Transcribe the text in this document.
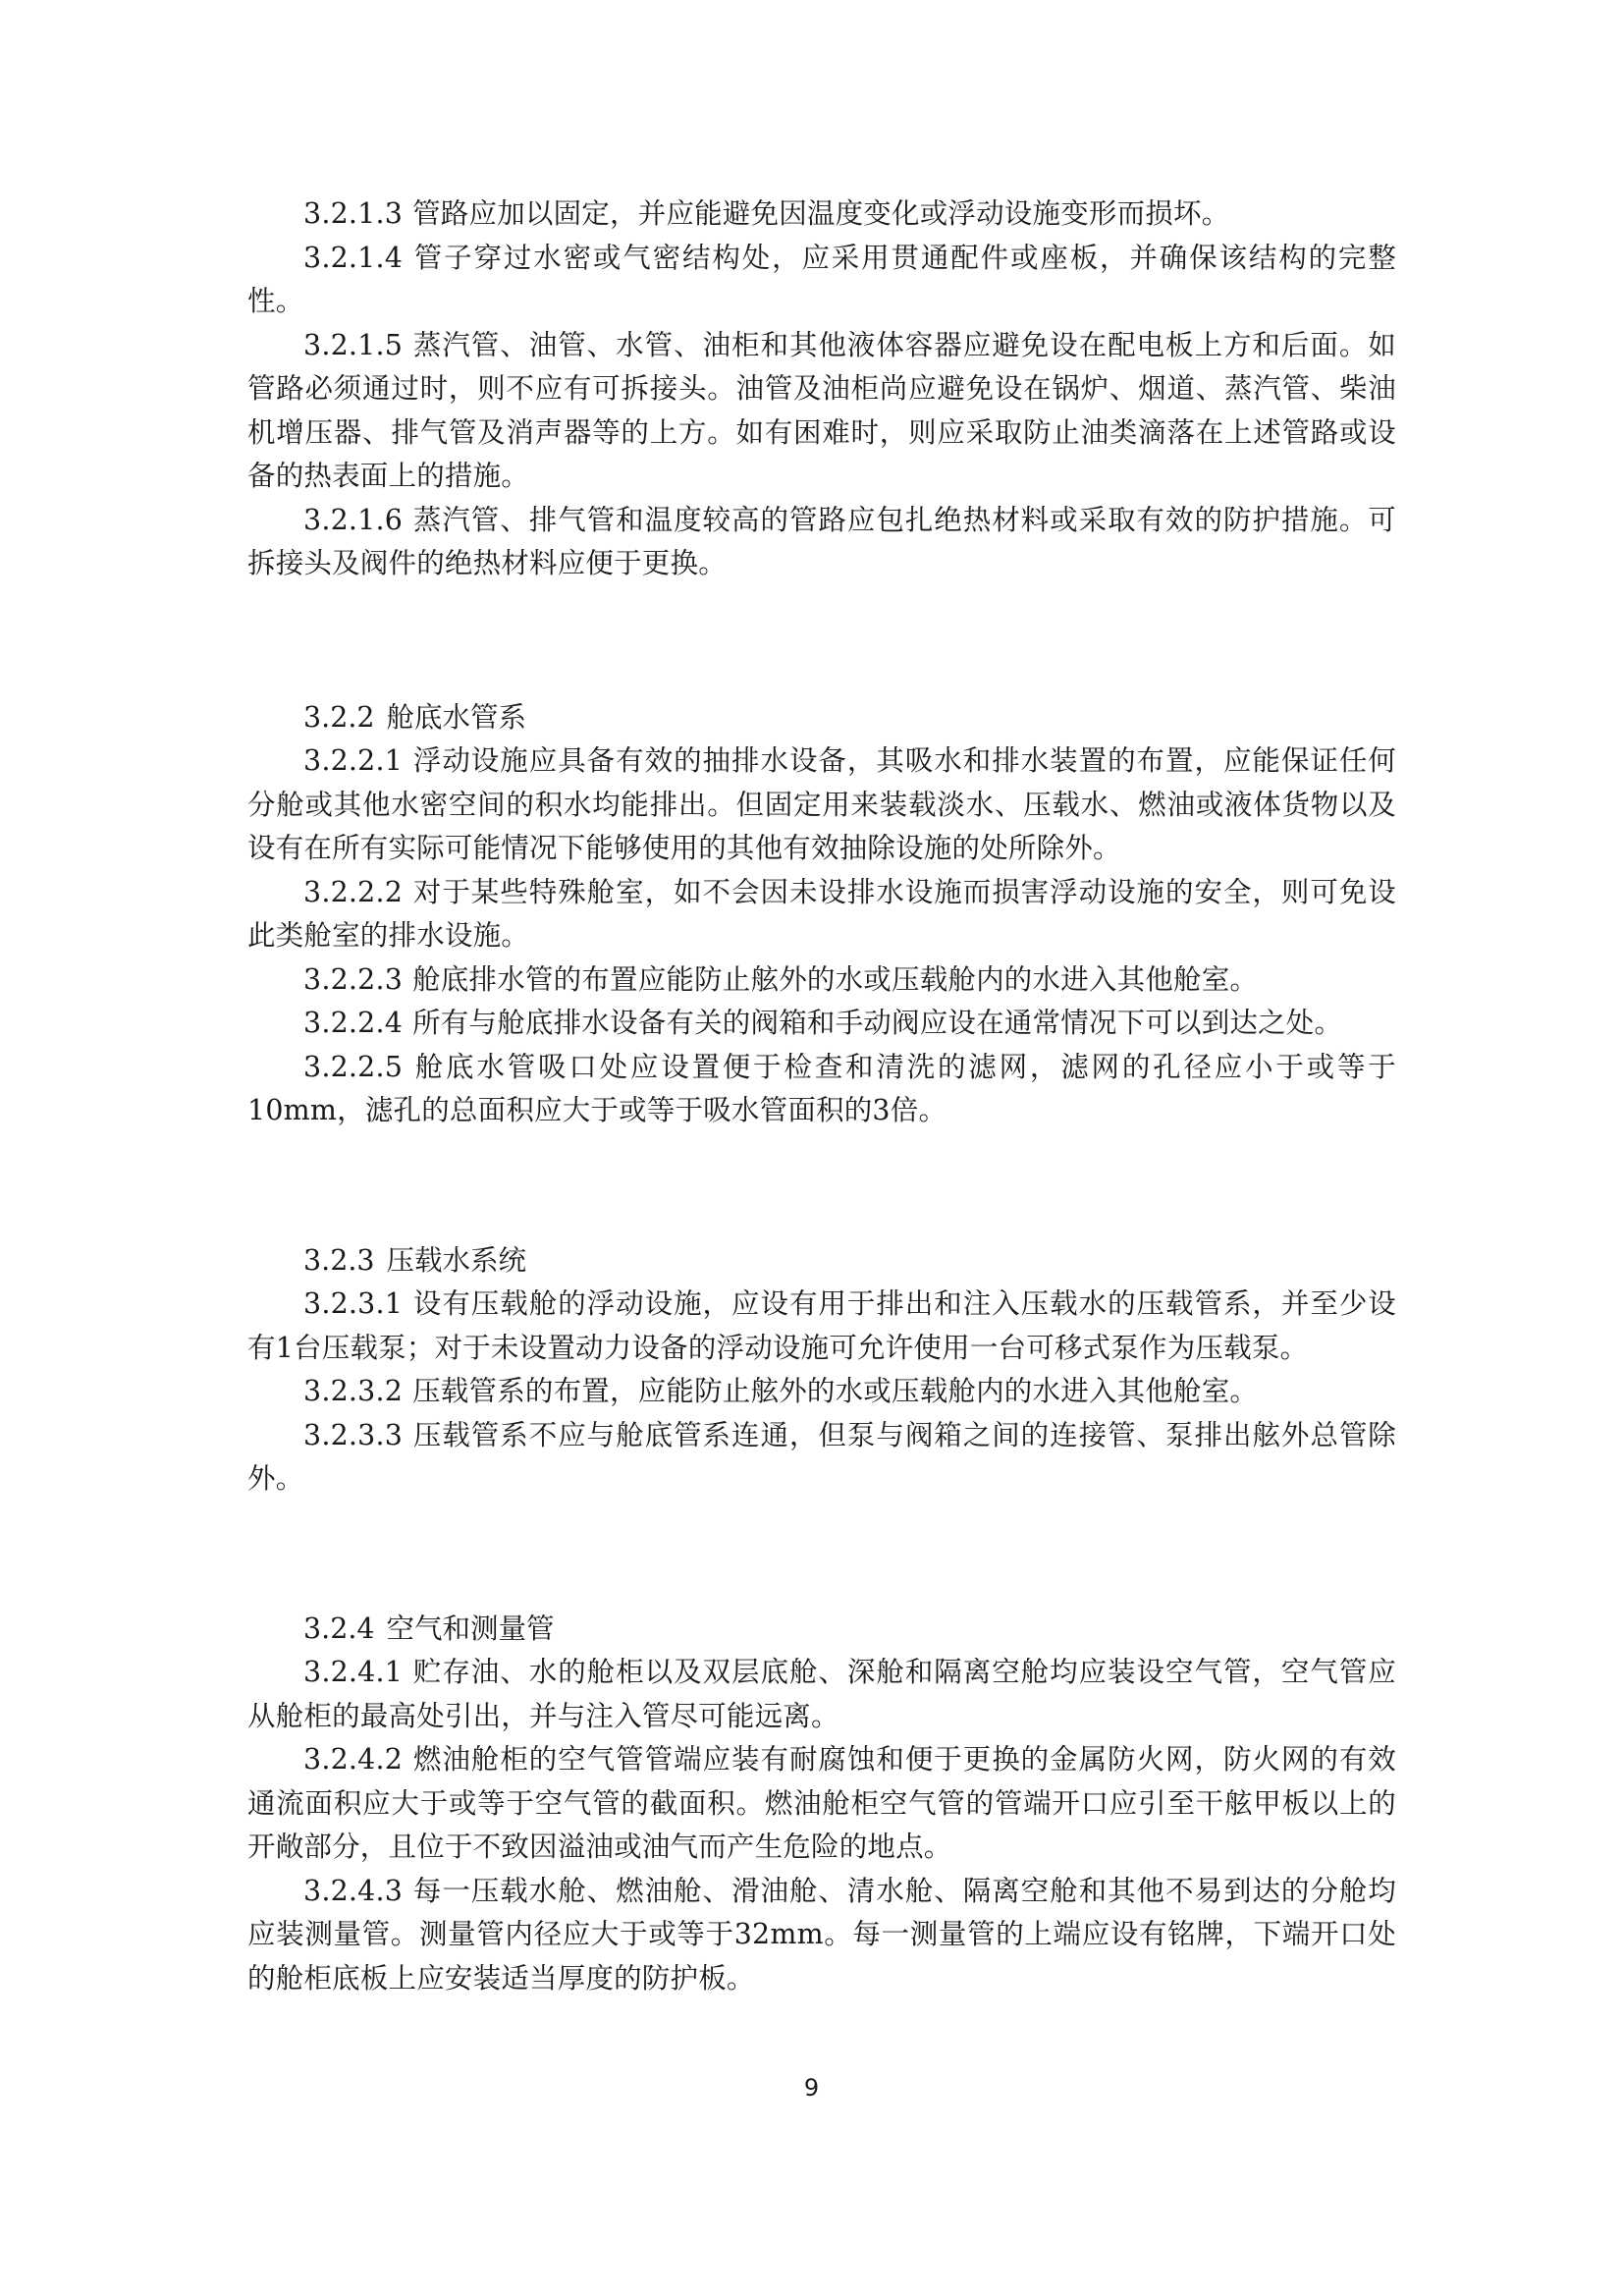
3.2.1.3 管路应加以固定，并应能避免因温度变化或浮动设施变形而损坏。

3.2.1.4 管子穿过水密或气密结构处，应采用贯通配件或座板，并确保该结构的完整性。

3.2.1.5 蒸汽管、油管、水管、油柜和其他液体容器应避免设在配电板上方和后面。如管路必须通过时，则不应有可拆接头。油管及油柜尚应避免设在锅炉、烟道、蒸汽管、柴油机增压器、排气管及消声器等的上方。如有困难时，则应采取防止油类滴落在上述管路或设备的热表面上的措施。

3.2.1.6 蒸汽管、排气管和温度较高的管路应包扎绝热材料或采取有效的防护措施。可拆接头及阀件的绝热材料应便于更换。

3.2.2 舱底水管系

3.2.2.1 浮动设施应具备有效的抽排水设备，其吸水和排水装置的布置，应能保证任何分舱或其他水密空间的积水均能排出。但固定用来装载淡水、压载水、燃油或液体货物以及设有在所有实际可能情况下能够使用的其他有效抽除设施的处所除外。

3.2.2.2 对于某些特殊舱室，如不会因未设排水设施而损害浮动设施的安全，则可免设此类舱室的排水设施。

3.2.2.3 舱底排水管的布置应能防止舷外的水或压载舱内的水进入其他舱室。

3.2.2.4 所有与舱底排水设备有关的阀箱和手动阀应设在通常情况下可以到达之处。

3.2.2.5 舱底水管吸口处应设置便于检查和清洗的滤网，滤网的孔径应小于或等于10mm，滤孔的总面积应大于或等于吸水管面积的3倍。

3.2.3 压载水系统

3.2.3.1 设有压载舱的浮动设施，应设有用于排出和注入压载水的压载管系，并至少设有1台压载泵；对于未设置动力设备的浮动设施可允许使用一台可移式泵作为压载泵。

3.2.3.2 压载管系的布置，应能防止舷外的水或压载舱内的水进入其他舱室。

3.2.3.3 压载管系不应与舱底管系连通，但泵与阀箱之间的连接管、泵排出舷外总管除外。

3.2.4 空气和测量管

3.2.4.1 贮存油、水的舱柜以及双层底舱、深舱和隔离空舱均应装设空气管，空气管应从舱柜的最高处引出，并与注入管尽可能远离。

3.2.4.2 燃油舱柜的空气管管端应装有耐腐蚀和便于更换的金属防火网，防火网的有效通流面积应大于或等于空气管的截面积。燃油舱柜空气管的管端开口应引至干舷甲板以上的开敞部分，且位于不致因溢油或油气而产生危险的地点。

3.2.4.3 每一压载水舱、燃油舱、滑油舱、清水舱、隔离空舱和其他不易到达的分舱均应装测量管。测量管内径应大于或等于32mm。每一测量管的上端应设有铭牌，下端开口处的舱柜底板上应安装适当厚度的防护板。

9
